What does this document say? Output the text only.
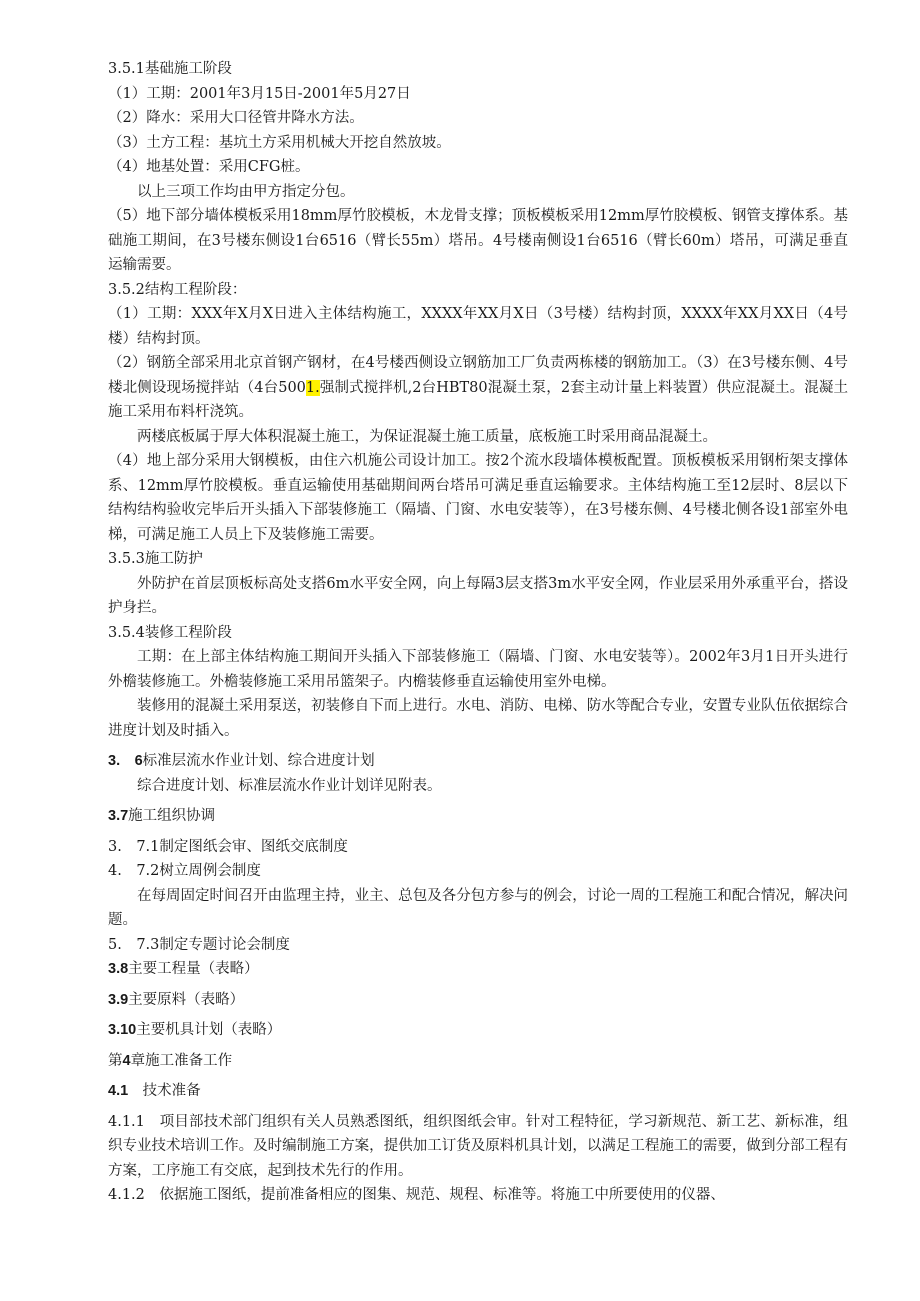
3.5.1基础施工阶段

（1）工期：2001年3月15日-2001年5月27日

（2）降水：采用大口径管井降水方法。

（3）土方工程：基坑土方采用机械大开挖自然放坡。

（4）地基处置：采用CFG桩。

以上三项工作均由甲方指定分包。

（5）地下部分墙体模板采用18mm厚竹胶模板，木龙骨支撑；顶板模板采用12mm厚竹胶模板、钢管支撑体系。基础施工期间，在3号楼东侧设1台6516（臂长55m）塔吊。4号楼南侧设1台6516（臂长60m）塔吊，可满足垂直运输需要。

3.5.2结构工程阶段：

（1）工期：XXX年X月X日进入主体结构施工，XXXX年XX月X日（3号楼）结构封顶，XXXX年XX月XX日（4号楼）结构封顶。

（2）钢筋全部采用北京首钢产钢材，在4号楼西侧设立钢筋加工厂负责两栋楼的钢筋加工。（3）在3号楼东侧、4号楼北侧设现场搅拌站（4台5001.强制式搅拌机,2台HBT80混凝土泵，2套主动计量上料装置）供应混凝土。混凝土施工采用布料杆浇筑。

两楼底板属于厚大体积混凝土施工，为保证混凝土施工质量，底板施工时采用商品混凝土。

（4）地上部分采用大钢模板，由住六机施公司设计加工。按2个流水段墙体模板配置。顶板模板采用钢桁架支撑体系、12mm厚竹胶模板。垂直运输使用基础期间两台塔吊可满足垂直运输要求。主体结构施工至12层时、8层以下结构结构验收完毕后开头插入下部装修施工（隔墙、门窗、水电安装等），在3号楼东侧、4号楼北侧各设1部室外电梯，可满足施工人员上下及装修施工需要。

3.5.3施工防护

外防护在首层顶板标高处支搭6m水平安全网，向上每隔3层支搭3m水平安全网，作业层采用外承重平台，搭设护身拦。

3.5.4装修工程阶段

工期：在上部主体结构施工期间开头插入下部装修施工（隔墙、门窗、水电安装等）。2002年3月1日开头进行外檐装修施工。外檐装修施工采用吊篮架子。内檐装修垂直运输使用室外电梯。

装修用的混凝土采用泵送，初装修自下而上进行。水电、消防、电梯、防水等配合专业，安置专业队伍依据综合进度计划及时插入。

3.　6标准层流水作业计划、综合进度计划

综合进度计划、标准层流水作业计划详见附表。

3.7施工组织协调

3.　7.1制定图纸会审、图纸交底制度

4.　7.2树立周例会制度

在每周固定时间召开由监理主持，业主、总包及各分包方参与的例会，讨论一周的工程施工和配合情况，解决问题。

5.　7.3制定专题讨论会制度

3.8主要工程量（表略）

3.9主要原料（表略）

3.10主要机具计划（表略）

第4章施工准备工作

4.1　技术准备

4.1.1　项目部技术部门组织有关人员熟悉图纸，组织图纸会审。针对工程特征，学习新规范、新工艺、新标准，组织专业技术培训工作。及时编制施工方案，提供加工订货及原料机具计划，以满足工程施工的需要，做到分部工程有方案，工序施工有交底，起到技术先行的作用。

4.1.2　依据施工图纸，提前准备相应的图集、规范、规程、标准等。将施工中所要使用的仪器、
